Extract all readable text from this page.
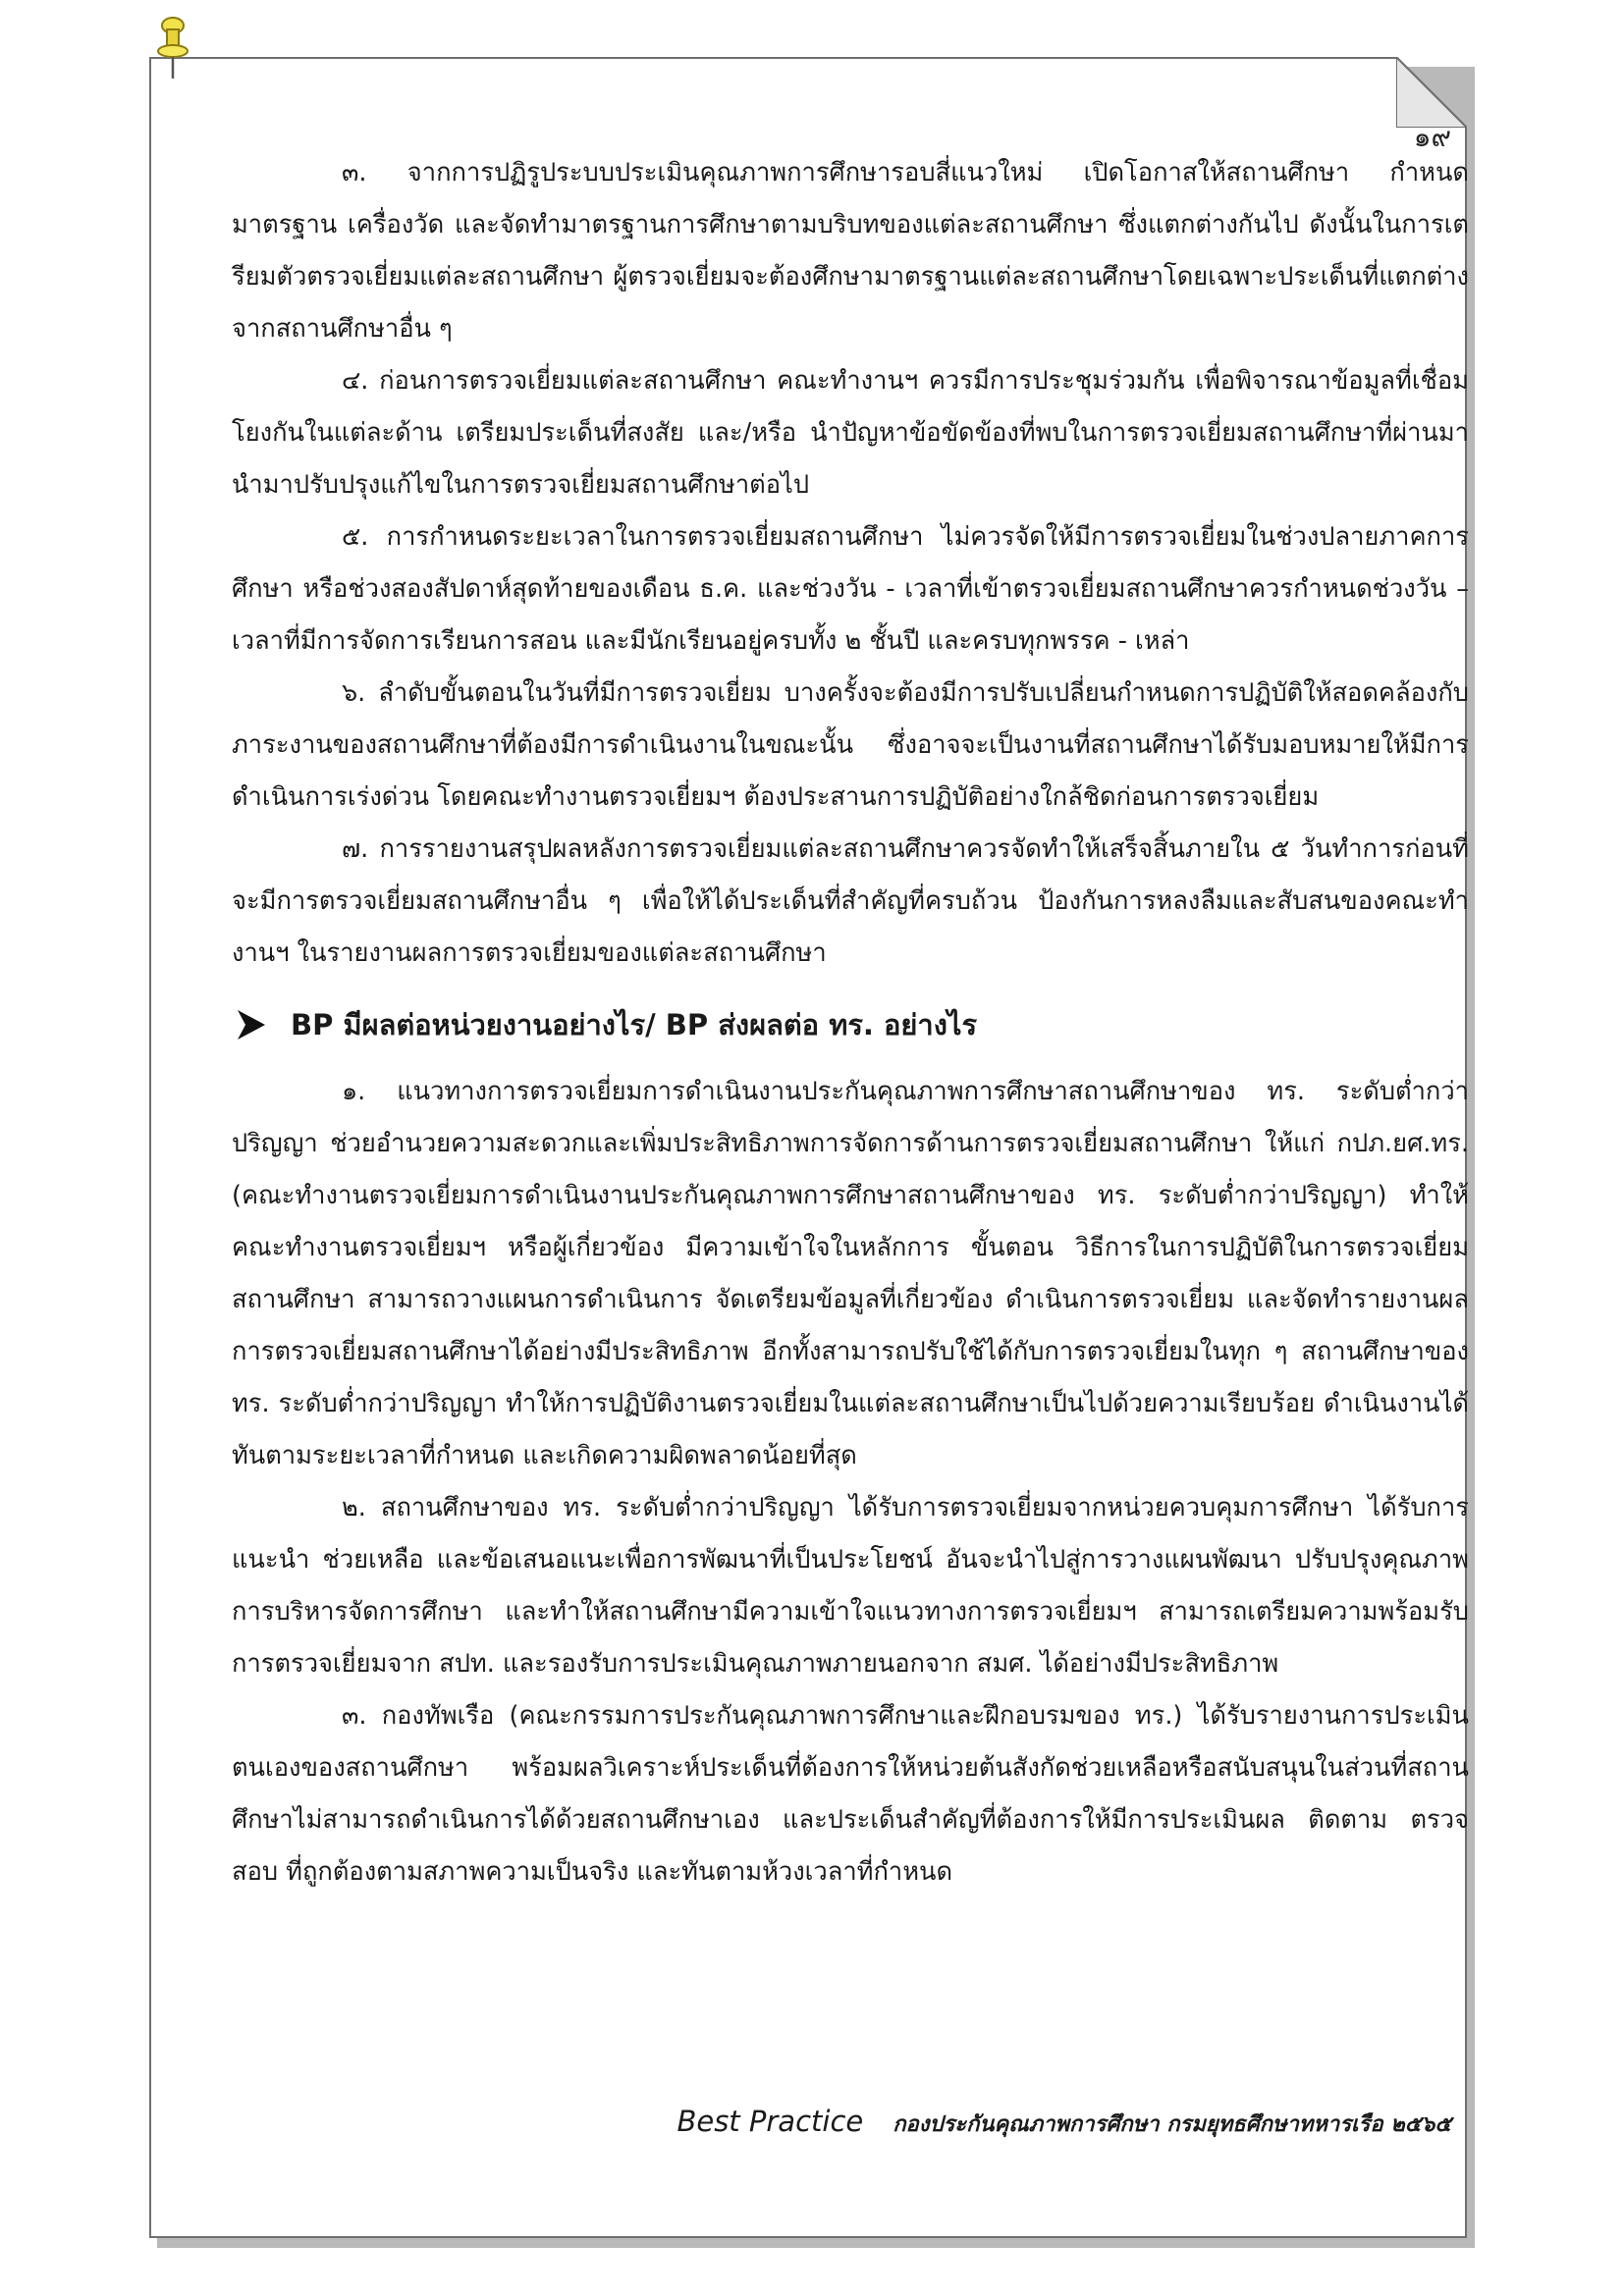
๑๙

๓. จากการปฏิรูประบบประเมินคุณภาพการศึกษารอบสี่แนวใหม่ เปิดโอกาสให้สถานศึกษา กำหนดมาตรฐาน เครื่องวัด และจัดทำมาตรฐานการศึกษาตามบริบทของแต่ละสถานศึกษา ซึ่งแตกต่างกันไป ดังนั้นในการเตรียมตัวตรวจเยี่ยมแต่ละสถานศึกษา ผู้ตรวจเยี่ยมจะต้องศึกษามาตรฐานแต่ละสถานศึกษาโดยเฉพาะประเด็นที่แตกต่างจากสถานศึกษาอื่น ๆ

๔. ก่อนการตรวจเยี่ยมแต่ละสถานศึกษา คณะทำงานฯ ควรมีการประชุมร่วมกัน เพื่อพิจารณาข้อมูลที่เชื่อมโยงกันในแต่ละด้าน เตรียมประเด็นที่สงสัย และ/หรือ นำปัญหาข้อขัดข้องที่พบในการตรวจเยี่ยมสถานศึกษาที่ผ่านมา นำมาปรับปรุงแก้ไขในการตรวจเยี่ยมสถานศึกษาต่อไป

๕. การกำหนดระยะเวลาในการตรวจเยี่ยมสถานศึกษา ไม่ควรจัดให้มีการตรวจเยี่ยมในช่วงปลายภาคการศึกษา หรือช่วงสองสัปดาห์สุดท้ายของเดือน ธ.ค. และช่วงวัน - เวลาที่เข้าตรวจเยี่ยมสถานศึกษาควรกำหนดช่วงวัน – เวลาที่มีการจัดการเรียนการสอน และมีนักเรียนอยู่ครบทั้ง ๒ ชั้นปี และครบทุกพรรค - เหล่า

๖. ลำดับขั้นตอนในวันที่มีการตรวจเยี่ยม บางครั้งจะต้องมีการปรับเปลี่ยนกำหนดการปฏิบัติให้สอดคล้องกับภาระงานของสถานศึกษาที่ต้องมีการดำเนินงานในขณะนั้น ซึ่งอาจจะเป็นงานที่สถานศึกษาได้รับมอบหมายให้มีการดำเนินการเร่งด่วน โดยคณะทำงานตรวจเยี่ยมฯ ต้องประสานการปฏิบัติอย่างใกล้ชิดก่อนการตรวจเยี่ยม

๗. การรายงานสรุปผลหลังการตรวจเยี่ยมแต่ละสถานศึกษาควรจัดทำให้เสร็จสิ้นภายใน ๕ วันทำการก่อนที่จะมีการตรวจเยี่ยมสถานศึกษาอื่น ๆ เพื่อให้ได้ประเด็นที่สำคัญที่ครบถ้วน ป้องกันการหลงลืมและสับสนของคณะทำงานฯ ในรายงานผลการตรวจเยี่ยมของแต่ละสถานศึกษา

BP มีผลต่อหน่วยงานอย่างไร/ BP ส่งผลต่อ ทร. อย่างไร

๑. แนวทางการตรวจเยี่ยมการดำเนินงานประกันคุณภาพการศึกษาสถานศึกษาของ ทร. ระดับต่ำกว่าปริญญา ช่วยอำนวยความสะดวกและเพิ่มประสิทธิภาพการจัดการด้านการตรวจเยี่ยมสถานศึกษา ให้แก่ กปภ.ยศ.ทร. (คณะทำงานตรวจเยี่ยมการดำเนินงานประกันคุณภาพการศึกษาสถานศึกษาของ ทร. ระดับต่ำกว่าปริญญา) ทำให้คณะทำงานตรวจเยี่ยมฯ หรือผู้เกี่ยวข้อง มีความเข้าใจในหลักการ ขั้นตอน วิธีการในการปฏิบัติในการตรวจเยี่ยมสถานศึกษา สามารถวางแผนการดำเนินการ จัดเตรียมข้อมูลที่เกี่ยวข้อง ดำเนินการตรวจเยี่ยม และจัดทำรายงานผลการตรวจเยี่ยมสถานศึกษาได้อย่างมีประสิทธิภาพ อีกทั้งสามารถปรับใช้ได้กับการตรวจเยี่ยมในทุก ๆ สถานศึกษาของ ทร. ระดับต่ำกว่าปริญญา ทำให้การปฏิบัติงานตรวจเยี่ยมในแต่ละสถานศึกษาเป็นไปด้วยความเรียบร้อย ดำเนินงานได้ทันตามระยะเวลาที่กำหนด และเกิดความผิดพลาดน้อยที่สุด

๒. สถานศึกษาของ ทร. ระดับต่ำกว่าปริญญา ได้รับการตรวจเยี่ยมจากหน่วยควบคุมการศึกษา ได้รับการแนะนำ ช่วยเหลือ และข้อเสนอแนะเพื่อการพัฒนาที่เป็นประโยชน์ อันจะนำไปสู่การวางแผนพัฒนา ปรับปรุงคุณภาพการบริหารจัดการศึกษา และทำให้สถานศึกษามีความเข้าใจแนวทางการตรวจเยี่ยมฯ สามารถเตรียมความพร้อมรับการตรวจเยี่ยมจาก สปท. และรองรับการประเมินคุณภาพภายนอกจาก สมศ. ได้อย่างมีประสิทธิภาพ

๓. กองทัพเรือ (คณะกรรมการประกันคุณภาพการศึกษาและฝึกอบรมของ ทร.) ได้รับรายงานการประเมินตนเองของสถานศึกษา พร้อมผลวิเคราะห์ประเด็นที่ต้องการให้หน่วยต้นสังกัดช่วยเหลือหรือสนับสนุนในส่วนที่สถานศึกษาไม่สามารถดำเนินการได้ด้วยสถานศึกษาเอง และประเด็นสำคัญที่ต้องการให้มีการประเมินผล ติดตาม ตรวจสอบ ที่ถูกต้องตามสภาพความเป็นจริง และทันตามห้วงเวลาที่กำหนด

Best Practice กองประกันคุณภาพการศึกษา กรมยุทธศึกษาทหารเรือ ๒๕๖๕
